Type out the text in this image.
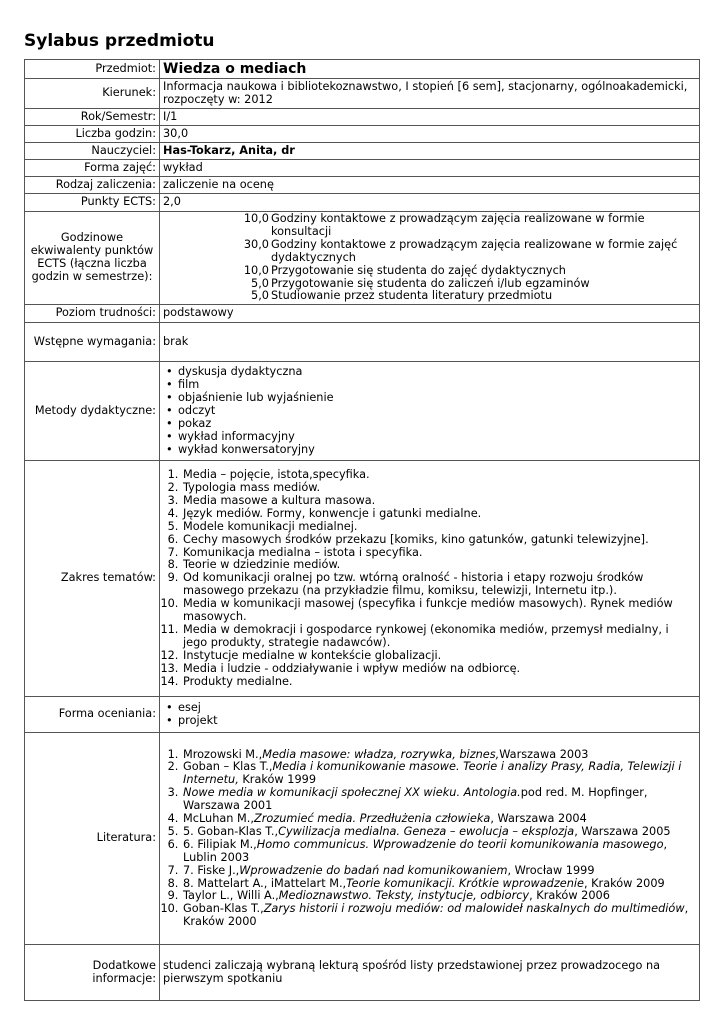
Sylabus przedmiotu
Przedmiot:	Wiedza o mediach
Kierunek:	Informacja naukowa i bibliotekoznawstwo, I stopień [6 sem], stacjonarny, ogólnoakademicki, rozpoczęty w: 2012
Rok/Semestr:	I/1
Liczba godzin:	30,0
Nauczyciel:	Has-Tokarz, Anita, dr
Forma zajęć:	wykład
Rodzaj zaliczenia:	zaliczenie na ocenę
Punkty ECTS:	2,0
Godzinowe ekwiwalenty punktów ECTS (łączna liczba godzin w semestrze):	
10,0	Godziny kontaktowe z prowadzącym zajęcia realizowane w formie konsultacji
30,0	Godziny kontaktowe z prowadzącym zajęcia realizowane w formie zajęć dydaktycznych
10,0	Przygotowanie się studenta do zajęć dydaktycznych
5,0	Przygotowanie się studenta do zaliczeń i/lub egzaminów
5,0	Studiowanie przez studenta literatury przedmiotu

Poziom trudności:	podstawowy
Wstępne wymagania:	brak
Metody dydaktyczne:	
• dyskusja dydaktyczna
• film
• objaśnienie lub wyjaśnienie
• odczyt
• pokaz
• wykład informacyjny
• wykład konwersatoryjny

Zakres tematów:	
1. Media – pojęcie, istota,specyfika.
2. Typologia mass mediów.
3. Media masowe a kultura masowa.
4. Język mediów. Formy, konwencje i gatunki medialne.
5. Modele komunikacji medialnej.
6. Cechy masowych środków przekazu [komiks, kino gatunków, gatunki telewizyjne].
7. Komunikacja medialna – istota i specyfika.
8. Teorie w dziedzinie mediów.
9. Od komunikacji oralnej po tzw. wtórną oralność - historia i etapy rozwoju środków masowego przekazu (na przykładzie filmu, komiksu, telewizji, Internetu itp.).
10. Media w komunikacji masowej (specyfika i funkcje mediów masowych). Rynek mediów masowych.
11. Media w demokracji i gospodarce rynkowej (ekonomika mediów, przemysł medialny, i jego produkty, strategie nadawców).
12. Instytucje medialne w kontekście globalizacji.
13. Media i ludzie - oddziaływanie i wpływ mediów na odbiorcę.
14. Produkty medialne.

Forma oceniania:	
•esej
• projekt

Literatura:	
1. Mrozowski M.,Media masowe: władza, rozrywka, biznes,Warszawa 2003
2. Goban – Klas T.,Media i komunikowanie masowe. Teorie i analizy Prasy, Radia, Telewizji i Internetu, Kraków 1999
3. Nowe media w komunikacji społecznej XX wieku. Antologia.pod red. M. Hopfinger, Warszawa 2001
4. McLuhan M.,Zrozumieć media. Przedłużenia człowieka, Warszawa 2004
5. 5. Goban-Klas T.,Cywilizacja medialna. Geneza – ewolucja – eksplozja, Warszawa 2005
6. 6. Filipiak M.,Homo communicus. Wprowadzenie do teorii komunikowania masowego, Lublin 2003
7. 7. Fiske J.,Wprowadzenie do badań nad komunikowaniem, Wrocław 1999
8. 8. Mattelart A., iMattelart M.,Teorie komunikacji. Krótkie wprowadzenie, Kraków 2009
9. Taylor L., Willi A.,Medioznawstwo. Teksty, instytucje, odbiorcy, Kraków 2006
10. Goban-Klas T.,Zarys historii i rozwoju mediów: od malowideł naskalnych do multimediów, Kraków 2000

Dodatkowe informacje:	studenci zaliczają wybraną lekturą spośród listy przedstawionej przez prowadzocego na pierwszym spotkaniu
